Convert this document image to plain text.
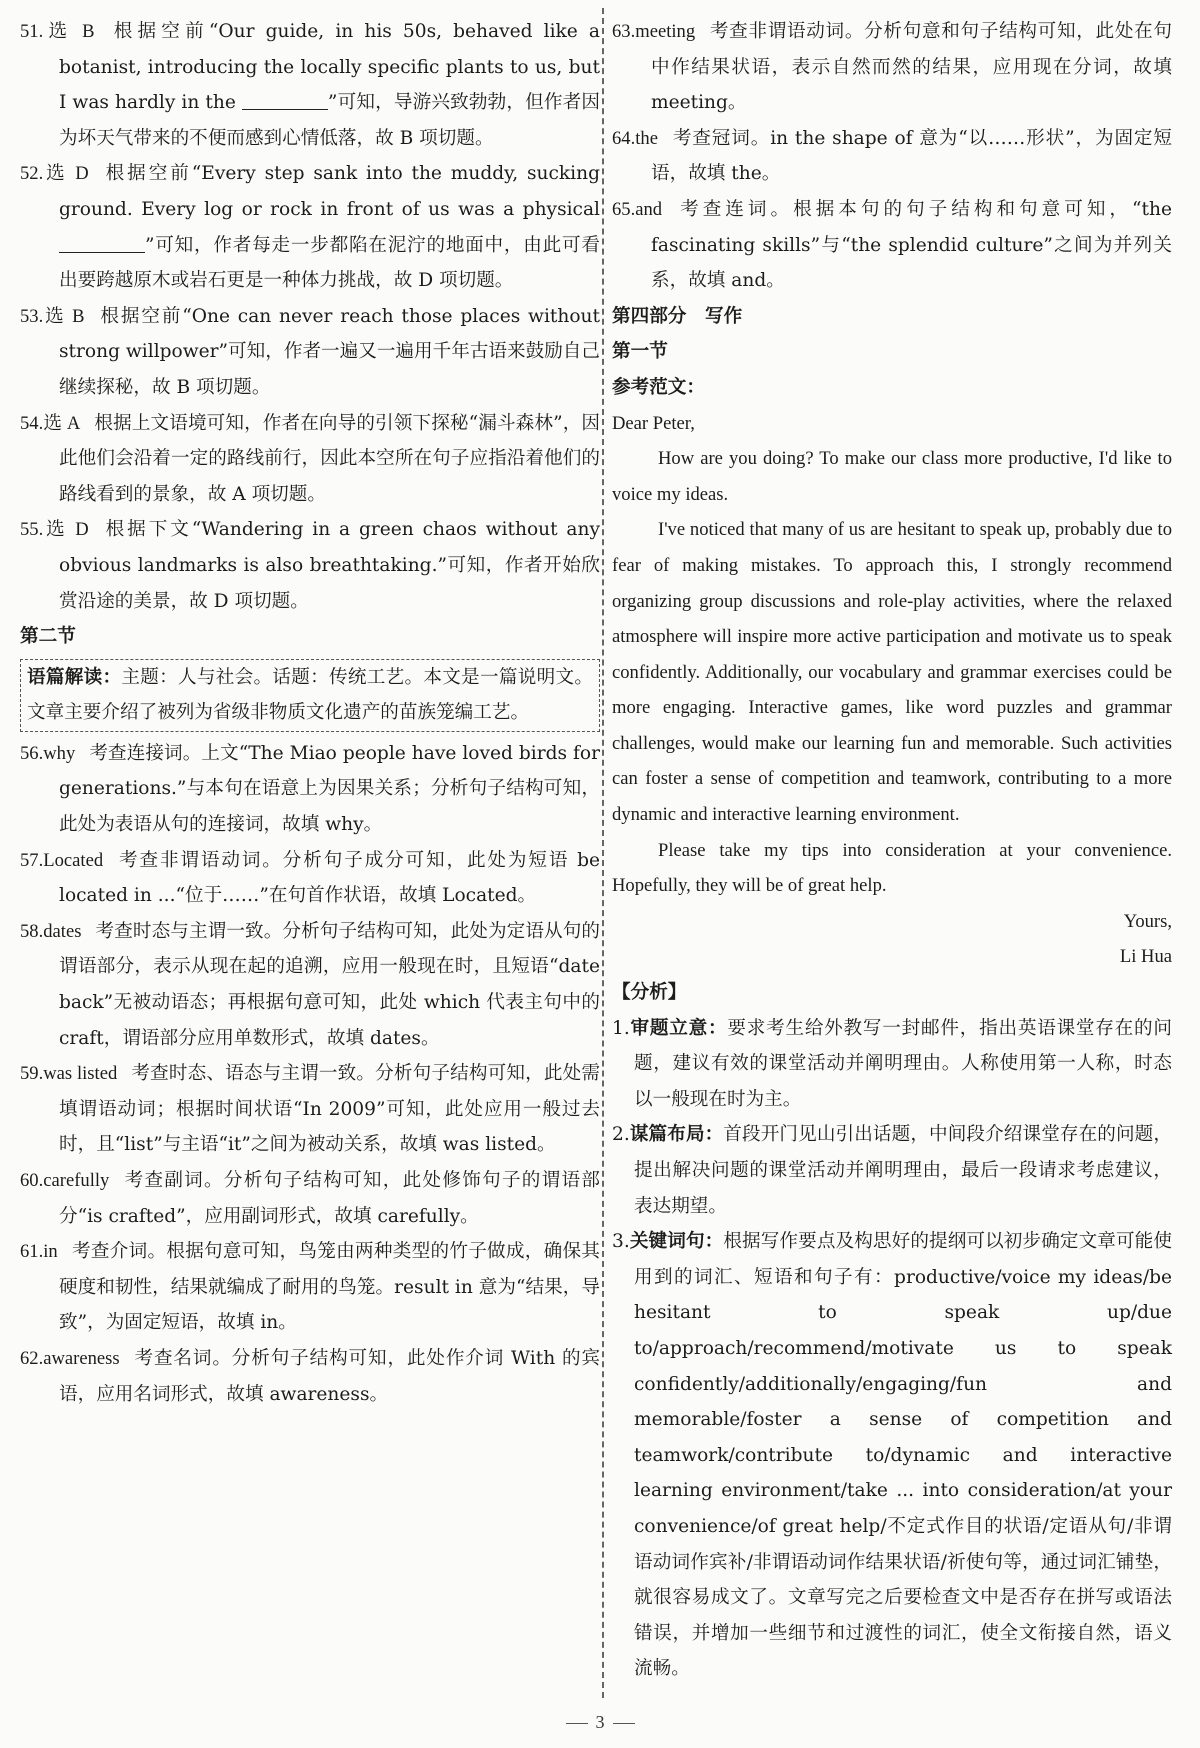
51.选 B 根据空前“Our guide, in his 50s, behaved like a botanist, introducing the locally specific plants to us, but I was hardly in the	”可知，导游兴致勃勃，但作者因为坏天气带来的不便而感到心情低落，故 B 项切题。

52.选 D 根据空前“Every step sank into the muddy, sucking ground. Every log or rock in front of us was a physical ”可知，作者每走一步都陷在泥泞的地面中，由此可看出要跨越原木或岩石更是一种体力挑战，故 D 项切题。

53.选 B 根据空前“One can never reach those places without strong willpower”可知，作者一遍又一遍用千年古语来鼓励自己继续探秘，故 B 项切题。

54.选 A 根据上文语境可知，作者在向导的引领下探秘“漏斗森林”，因此他们会沿着一定的路线前行，因此本空所在句子应指沿着他们的路线看到的景象，故 A 项切题。

55.选 D 根据下文“Wandering in a green chaos without any obvious landmarks is also breathtaking.”可知，作者开始欣赏沿途的美景，故 D 项切题。

第二节

语篇解读：主题：人与社会。话题：传统工艺。本文是一篇说明文。文章主要介绍了被列为省级非物质文化遗产的苗族笼编工艺。

56.why 考查连接词。上文“The Miao people have loved birds for generations.”与本句在语意上为因果关系；分析句子结构可知，此处为表语从句的连接词，故填 why。

57.Located 考查非谓语动词。分析句子成分可知，此处为短语 be located in ...“位于……”在句首作状语，故填 Located。

58.dates 考查时态与主谓一致。分析句子结构可知，此处为定语从句的谓语部分，表示从现在起的追溯，应用一般现在时，且短语“date back”无被动语态；再根据句意可知，此处 which 代表主句中的 craft，谓语部分应用单数形式，故填 dates。

59.was listed 考查时态、语态与主谓一致。分析句子结构可知，此处需填谓语动词；根据时间状语“In 2009”可知，此处应用一般过去时，且“list”与主语“it”之间为被动关系，故填 was listed。

60.carefully 考查副词。分析句子结构可知，此处修饰句子的谓语部分“is crafted”，应用副词形式，故填 carefully。

61.in 考查介词。根据句意可知，鸟笼由两种类型的竹子做成，确保其硬度和韧性，结果就编成了耐用的鸟笼。result in 意为“结果，导致”，为固定短语，故填 in。

62.awareness 考查名词。分析句子结构可知，此处作介词 With 的宾语，应用名词形式，故填 awareness。

63.meeting 考查非谓语动词。分析句意和句子结构可知，此处在句中作结果状语，表示自然而然的结果，应用现在分词，故填 meeting。

64.the 考查冠词。in the shape of 意为“以……形状”，为固定短语，故填 the。

65.and 考查连词。根据本句的句子结构和句意可知，“the fascinating skills”与“the splendid culture”之间为并列关系，故填 and。

第四部分　写作

第一节

参考范文：

Dear Peter,

How are you doing? To make our class more productive, I'd like to voice my ideas.

I've noticed that many of us are hesitant to speak up, probably due to fear of making mistakes. To approach this, I strongly recommend organizing group discussions and role-play activities, where the relaxed atmosphere will inspire more active participation and motivate us to speak confidently. Additionally, our vocabulary and grammar exercises could be more engaging. Interactive games, like word puzzles and grammar challenges, would make our learning fun and memorable. Such activities can foster a sense of competition and teamwork, contributing to a more dynamic and interactive learning environment.

Please take my tips into consideration at your convenience. Hopefully, they will be of great help.

Yours,

Li Hua

【分析】

1.审题立意：要求考生给外教写一封邮件，指出英语课堂存在的问题，建议有效的课堂活动并阐明理由。人称使用第一人称，时态以一般现在时为主。

2.谋篇布局：首段开门见山引出话题，中间段介绍课堂存在的问题，提出解决问题的课堂活动并阐明理由，最后一段请求考虑建议，表达期望。

3.关键词句：根据写作要点及构思好的提纲可以初步确定文章可能使用到的词汇、短语和句子有：productive/voice my ideas/be hesitant to speak up/due to/approach/recommend/motivate us to speak confidently/additionally/engaging/fun and memorable/foster a sense of competition and teamwork/contribute to/dynamic and interactive learning environment/take ... into consideration/at your convenience/of great help/不定式作目的状语/定语从句/非谓语动词作宾补/非谓语动词作结果状语/祈使句等，通过词汇铺垫，就很容易成文了。文章写完之后要检查文中是否存在拼写或语法错误，并增加一些细节和过渡性的词汇，使全文衔接自然，语义流畅。

3
